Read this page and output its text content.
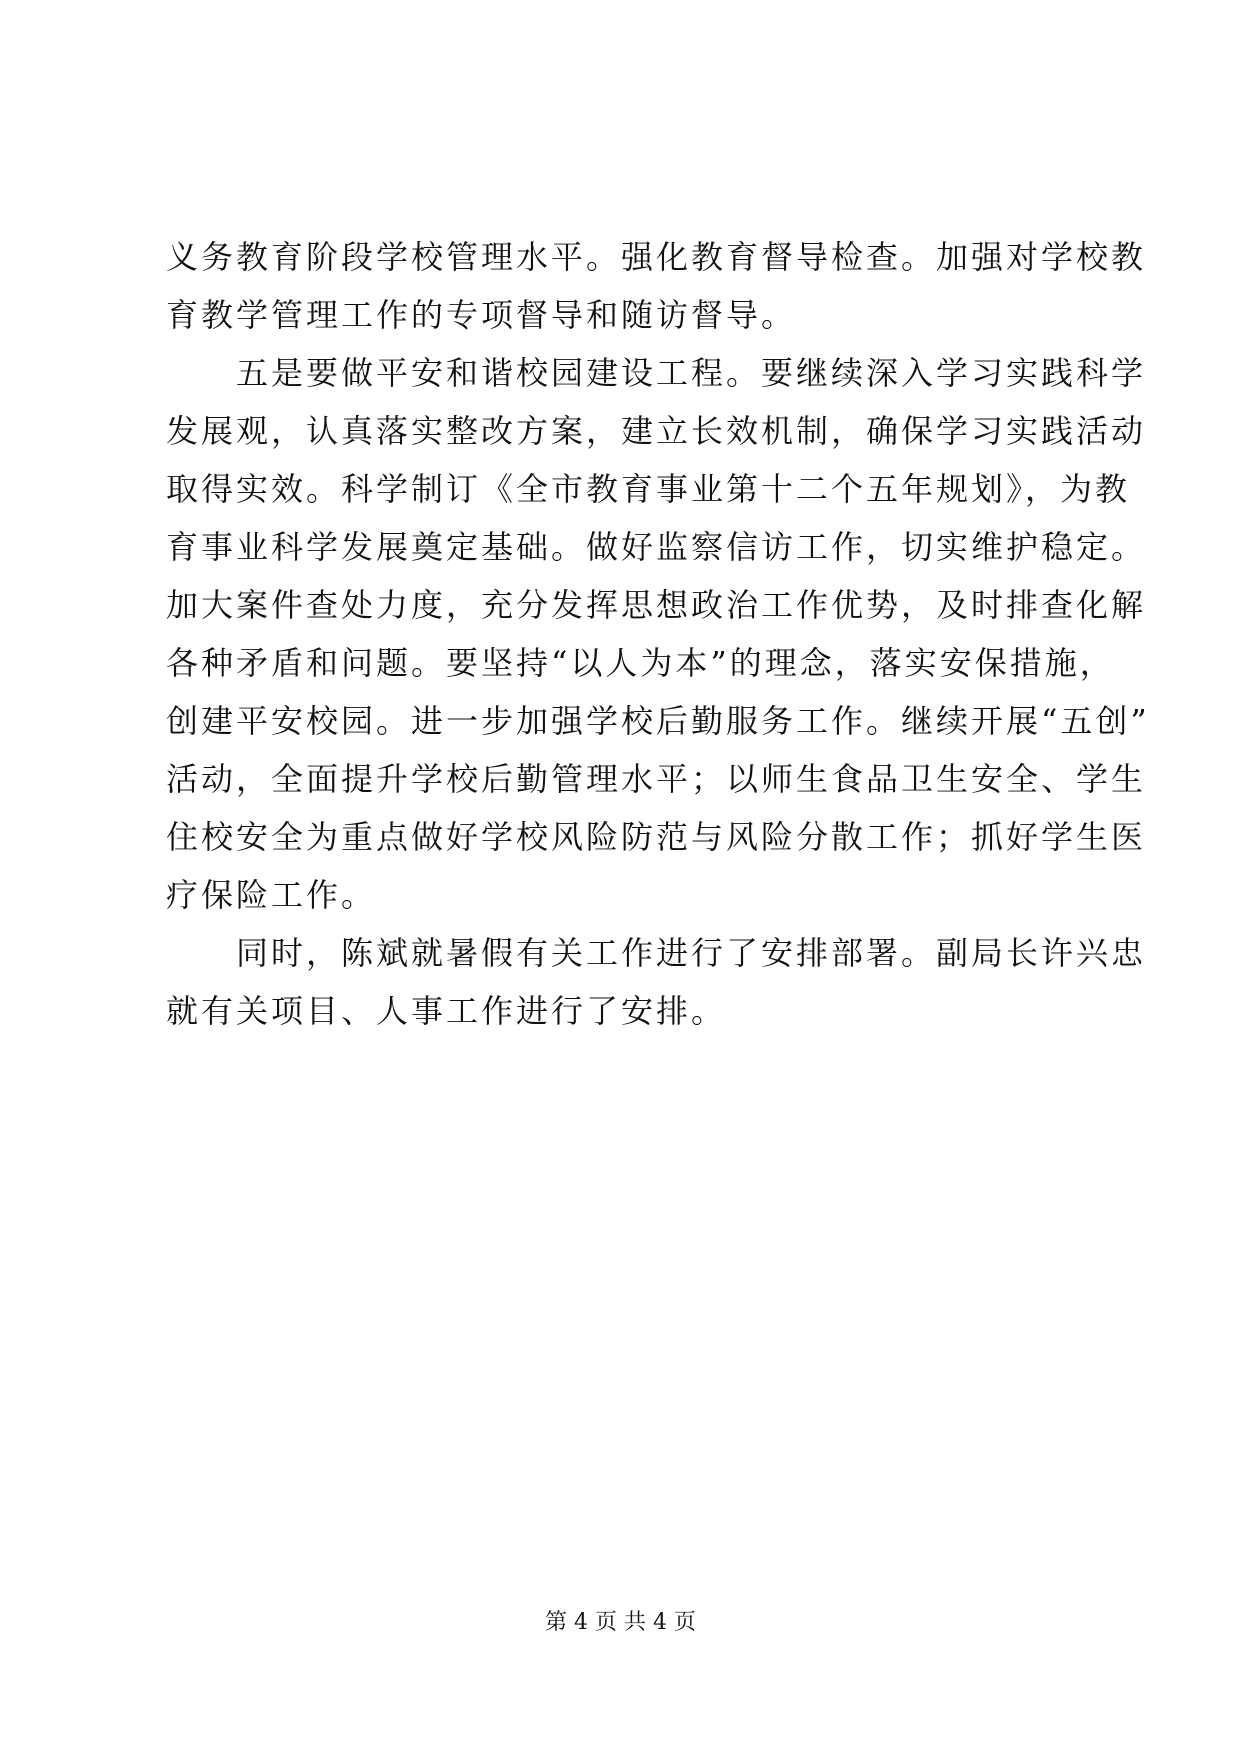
义务教育阶段学校管理水平。强化教育督导检查。加强对学校教
育教学管理工作的专项督导和随访督导。
五是要做平安和谐校园建设工程。要继续深入学习实践科学
发展观，认真落实整改方案，建立长效机制，确保学习实践活动
取得实效。科学制订《全市教育事业第十二个五年规划》，为教
育事业科学发展奠定基础。做好监察信访工作，切实维护稳定。
加大案件查处力度，充分发挥思想政治工作优势，及时排查化解
各种矛盾和问题。要坚持“以人为本”的理念，落实安保措施，
创建平安校园。进一步加强学校后勤服务工作。继续开展“五创”
活动，全面提升学校后勤管理水平；以师生食品卫生安全、学生
住校安全为重点做好学校风险防范与风险分散工作；抓好学生医
疗保险工作。
同时，陈斌就暑假有关工作进行了安排部署。副局长许兴忠
就有关项目、人事工作进行了安排。
第 4 页 共 4 页
